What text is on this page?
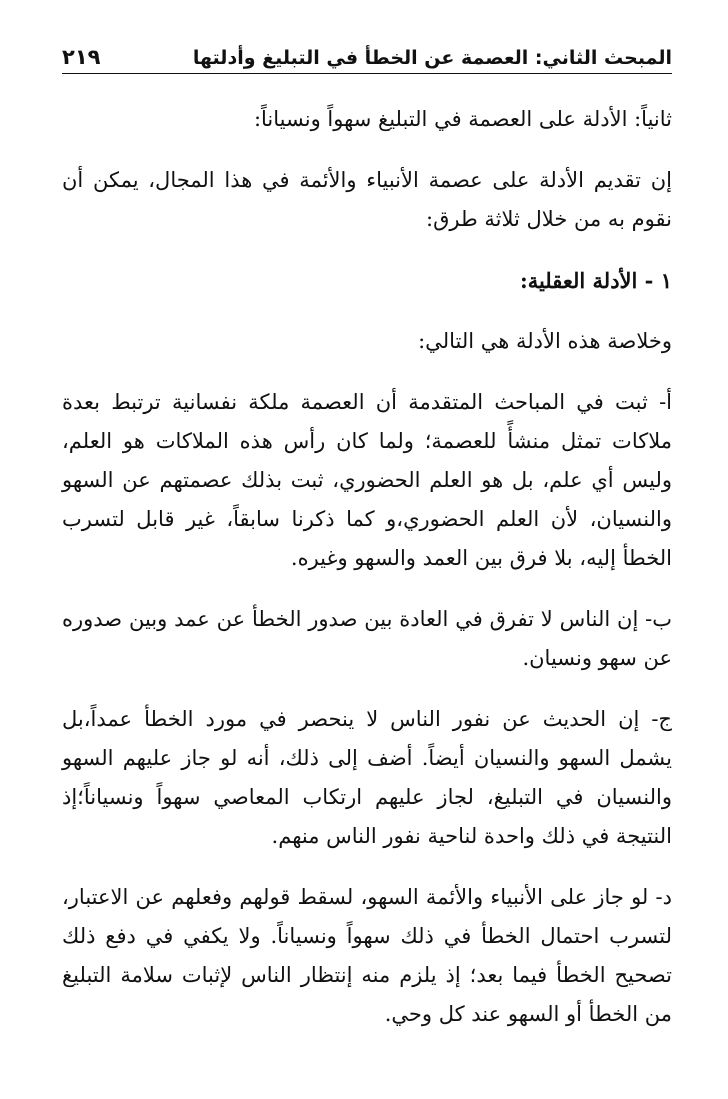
المبحث الثاني: العصمة عن الخطأ في التبليغ وأدلتها
٢١٩

ثانياً: الأدلة على العصمة في التبليغ سهواً ونسياناً:

إن تقديم الأدلة على عصمة الأنبياء والأئمة في هذا المجال، يمكن أن نقوم به من خلال ثلاثة طرق:

١ - الأدلة العقلية:

وخلاصة هذه الأدلة هي التالي:

أ- ثبت في المباحث المتقدمة أن العصمة ملكة نفسانية ترتبط بعدة ملاكات تمثل منشأً للعصمة؛ ولما كان رأس هذه الملاكات هو العلم، وليس أي علم، بل هو العلم الحضوري، ثبت بذلك عصمتهم عن السهو والنسيان، لأن العلم الحضوري،و كما ذكرنا سابقاً، غير قابل لتسرب الخطأ إليه، بلا فرق بين العمد والسهو وغيره.

ب- إن الناس لا تفرق في العادة بين صدور الخطأ عن عمد وبين صدوره عن سهو ونسيان.

ج- إن الحديث عن نفور الناس لا ينحصر في مورد الخطأ عمداً،بل يشمل السهو والنسيان أيضاً. أضف إلى ذلك، أنه لو جاز عليهم السهو والنسيان في التبليغ، لجاز عليهم ارتكاب المعاصي سهواً ونسياناً؛إذ النتيجة في ذلك واحدة لناحية نفور الناس منهم.

د- لو جاز على الأنبياء والأئمة السهو، لسقط قولهم وفعلهم عن الاعتبار، لتسرب احتمال الخطأ في ذلك سهواً ونسياناً. ولا يكفي في دفع ذلك تصحيح الخطأ فيما بعد؛ إذ يلزم منه إنتظار الناس لإثبات سلامة التبليغ من الخطأ أو السهو عند كل وحي.
